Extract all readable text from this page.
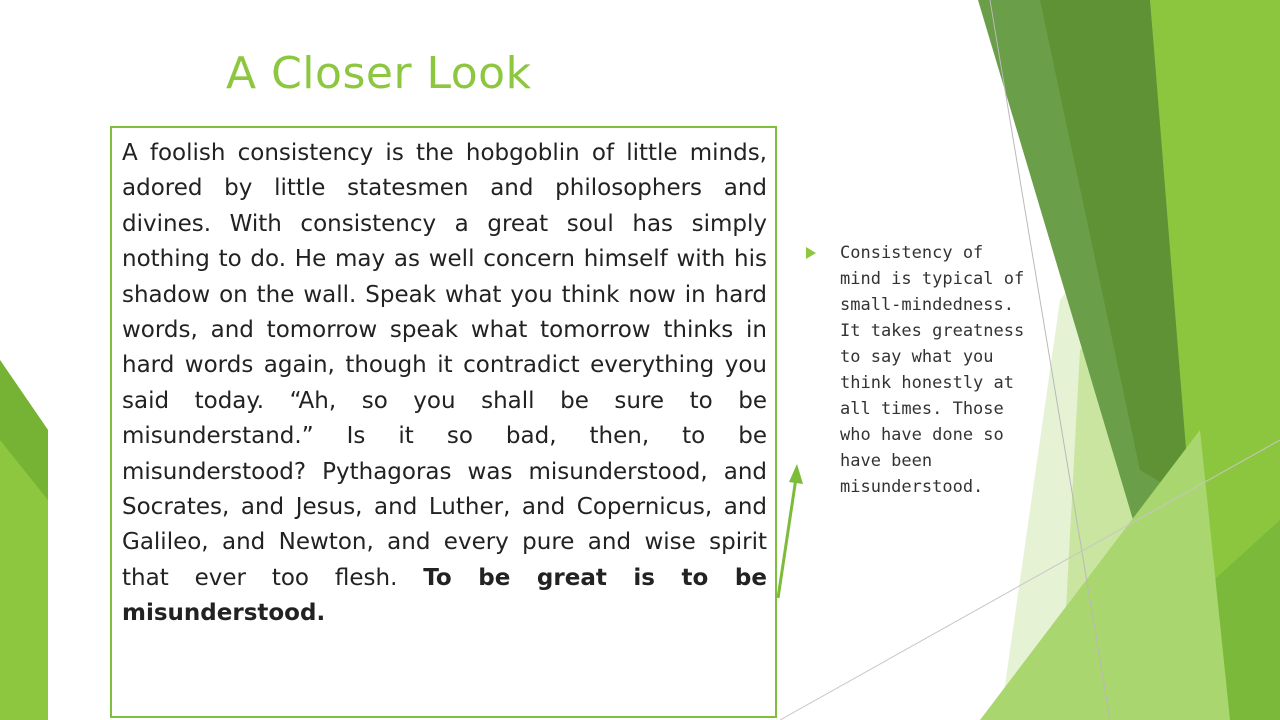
A Closer Look

A foolish consistency is the hobgoblin of little minds, adored by little statesmen and philosophers and divines. With consistency a great soul has simply nothing to do. He may as well concern himself with his shadow on the wall. Speak what you think now in hard words, and tomorrow speak what tomorrow thinks in hard words again, though it contradict everything you said today. “Ah, so you shall be sure to be misunderstand.” Is it so bad, then, to be misunderstood? Pythagoras was misunderstood, and Socrates, and Jesus, and Luther, and Copernicus, and Galileo, and Newton, and every pure and wise spirit that ever too flesh. To be great is to be misunderstood.

Consistency of mind is typical of small-mindedness. It takes greatness to say what you think honestly at all times. Those who have done so have been misunderstood.
